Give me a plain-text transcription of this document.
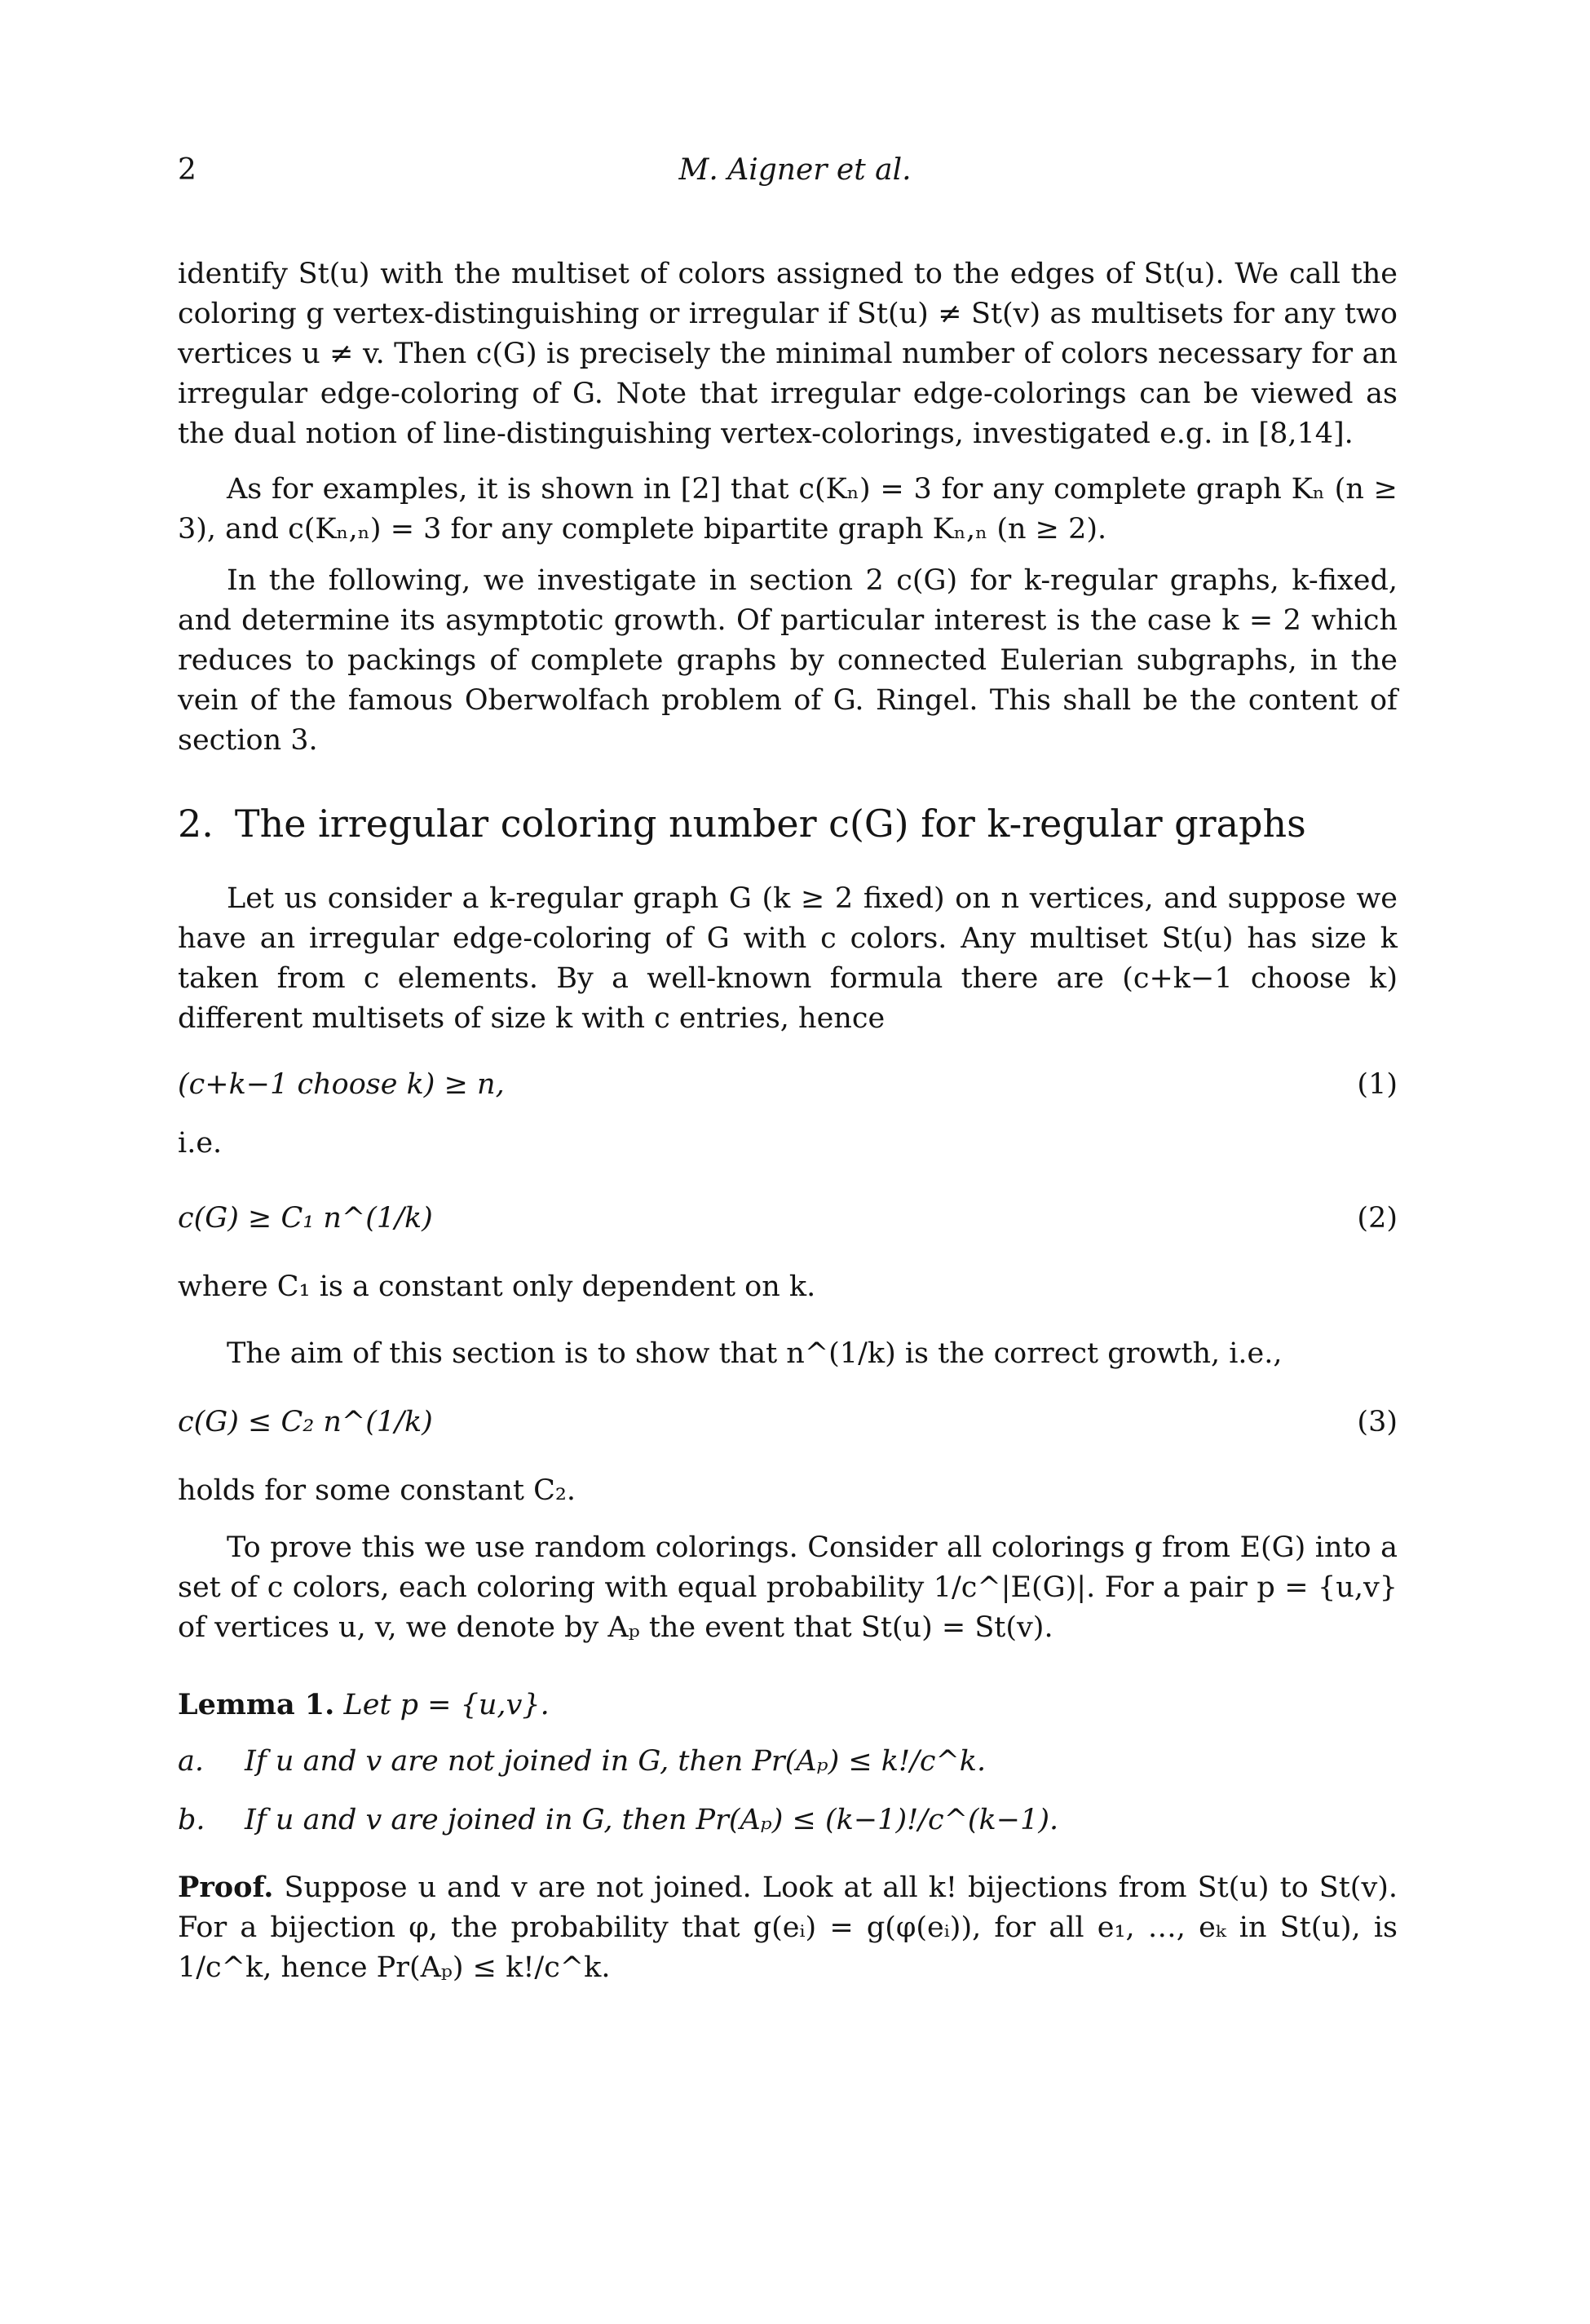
2	M. Aigner et al.

identify St(u) with the multiset of colors assigned to the edges of St(u). We call the coloring g vertex-distinguishing or irregular if St(u) ≠ St(v) as multisets for any two vertices u ≠ v. Then c(G) is precisely the minimal number of colors necessary for an irregular edge-coloring of G. Note that irregular edge-colorings can be viewed as the dual notion of line-distinguishing vertex-colorings, investigated e.g. in [8,14].

As for examples, it is shown in [2] that c(Kₙ) = 3 for any complete graph Kₙ (n ≥ 3), and c(Kₙ,ₙ) = 3 for any complete bipartite graph Kₙ,ₙ (n ≥ 2).

In the following, we investigate in section 2 c(G) for k-regular graphs, k-fixed, and determine its asymptotic growth. Of particular interest is the case k = 2 which reduces to packings of complete graphs by connected Eulerian subgraphs, in the vein of the famous Oberwolfach problem of G. Ringel. This shall be the content of section 3.

2. The irregular coloring number c(G) for k-regular graphs

Let us consider a k-regular graph G (k ≥ 2 fixed) on n vertices, and suppose we have an irregular edge-coloring of G with c colors. Any multiset St(u) has size k taken from c elements. By a well-known formula there are (c+k−1 choose k) different multisets of size k with c entries, hence

(c+k−1 choose k) ≥ n,	(1)
i.e.
c(G) ≥ C₁ n^(1/k)	(2)
where C₁ is a constant only dependent on k.

The aim of this section is to show that n^(1/k) is the correct growth, i.e.,

c(G) ≤ C₂ n^(1/k)	(3)
holds for some constant C₂.

To prove this we use random colorings. Consider all colorings g from E(G) into a set of c colors, each coloring with equal probability 1/c^|E(G)|. For a pair p = {u,v} of vertices u, v, we denote by Aₚ the event that St(u) = St(v).

Lemma 1. Let p = {u,v}.
a. If u and v are not joined in G, then Pr(Aₚ) ≤ k!/c^k.
b. If u and v are joined in G, then Pr(Aₚ) ≤ (k−1)!/c^(k−1).

Proof. Suppose u and v are not joined. Look at all k! bijections from St(u) to St(v). For a bijection φ, the probability that g(eᵢ) = g(φ(eᵢ)), for all e₁, …, eₖ in St(u), is 1/c^k, hence Pr(Aₚ) ≤ k!/c^k.
